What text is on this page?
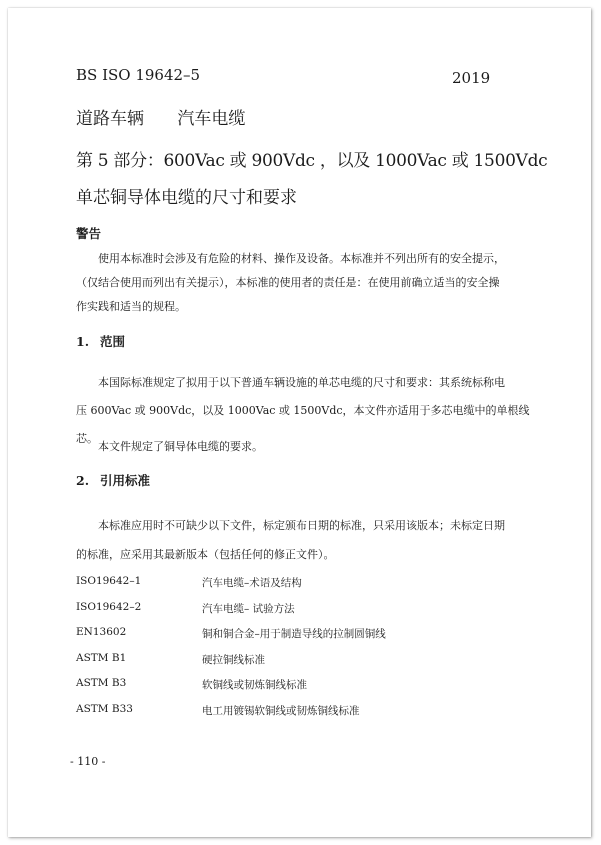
BS ISO 19642–5	2019
道路车辆 汽车电缆
第 5 部分：600Vac 或 900Vdc ，以及 1000Vac 或 1500Vdc
单芯铜导体电缆的尺寸和要求
警告
使用本标准时会涉及有危险的材料、操作及设备。本标准并不列出所有的安全提示，
（仅结合使用而列出有关提示），本标准的使用者的责任是：在使用前确立适当的安全操
作实践和适当的规程。
1. 范围
本国际标准规定了拟用于以下普通车辆设施的单芯电缆的尺寸和要求：其系统标称电
压 600Vac 或 900Vdc，以及 1000Vac 或 1500Vdc，本文件亦适用于多芯电缆中的单根线芯。
本文件规定了铜导体电缆的要求。
2. 引用标准
本标准应用时不可缺少以下文件，标定颁布日期的标准，只采用该版本；未标定日期
的标准，应采用其最新版本（包括任何的修正文件）。
ISO19642–1	汽车电缆–术语及结构
ISO19642–2	汽车电缆– 试验方法
EN13602	铜和铜合金–用于制造导线的拉制圆铜线
ASTM B1	硬拉铜线标准
ASTM B3	软铜线或韧炼铜线标准
ASTM B33	电工用镀锡软铜线或韧炼铜线标准
- 110 -
